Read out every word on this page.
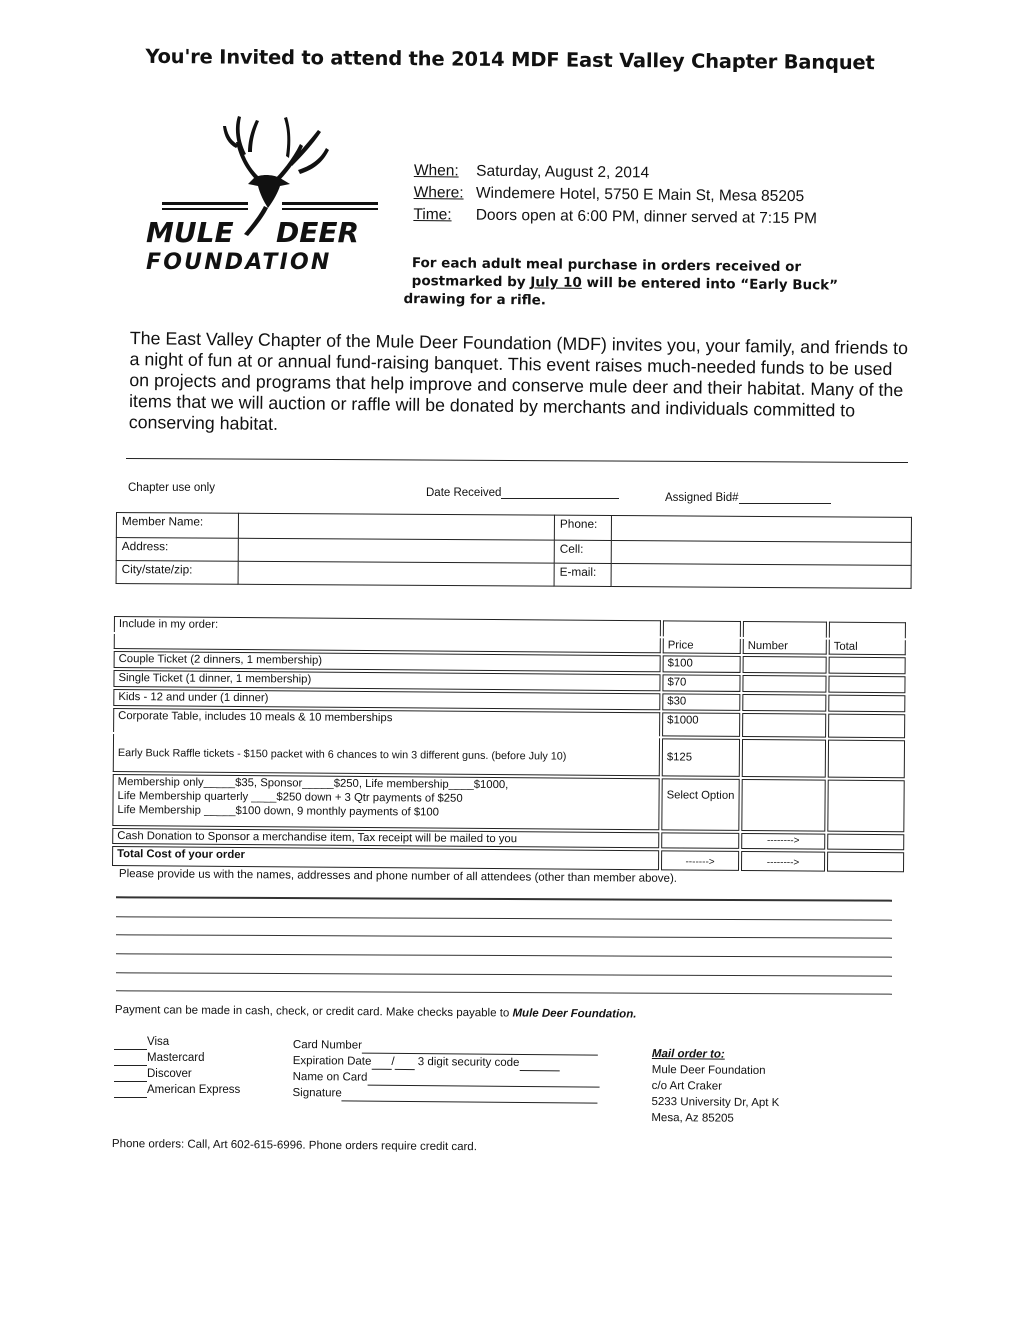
You're Invited to attend the 2014 MDF East Valley Chapter Banquet
MULE DEER
FOUNDATION
When: Saturday, August 2, 2014
Where: Windemere Hotel, 5750 E Main St, Mesa 85205
Time: Doors open at 6:00 PM, dinner served at 7:15 PM
For each adult meal purchase in orders received or
postmarked by July 10 will be entered into “Early Buck”
drawing for a rifle.
The East Valley Chapter of the Mule Deer Foundation (MDF) invites you, your family, and friends to a night of fun at or annual fund-raising banquet. This event raises much-needed funds to be used on projects and programs that help improve and conserve mule deer and their habitat. Many of the items that we will auction or raffle will be donated by merchants and individuals committed to conserving habitat.
Chapter use only	Date Received	Assigned Bid#
Member Name:		Phone:	
Address:		Cell:	
City/state/zip:		E-mail:	
Include in my order:			
	Price	Number	Total
Couple Ticket (2 dinners, 1 membership)	$100		
Single Ticket (1 dinner, 1 membership)	$70		
Kids - 12 and under (1 dinner)	$30		
Corporate Table, includes 10 meals & 10 memberships	$1000		
Early Buck Raffle tickets - $150 packet with 6 chances to win 3 different guns. (before July 10)	$125		

Membership only_____$35, Sponsor_____$250, Life membership____$1000,
Life Membership quarterly ____$250 down + 3 Qtr payments of $250
Life Membership _____$100 down, 9 monthly payments of $100	Select Option		
Cash Donation to Sponsor a merchandise item, Tax receipt will be mailed to you		-------->	
Total Cost of your order	------->	-------->	
Please provide us with the names, addresses and phone number of all attendees (other than member above).
Payment can be made in cash, check, or credit card. Make checks payable to Mule Deer Foundation.
Visa
Mastercard
Discover
American Express
Card Number
Expiration Date / 3 digit security code
Name on Card
Signature
Mail order to:
Mule Deer Foundation
c/o Art Craker
5233 University Dr, Apt K
Mesa, Az 85205
Phone orders: Call, Art 602-615-6996. Phone orders require credit card.
